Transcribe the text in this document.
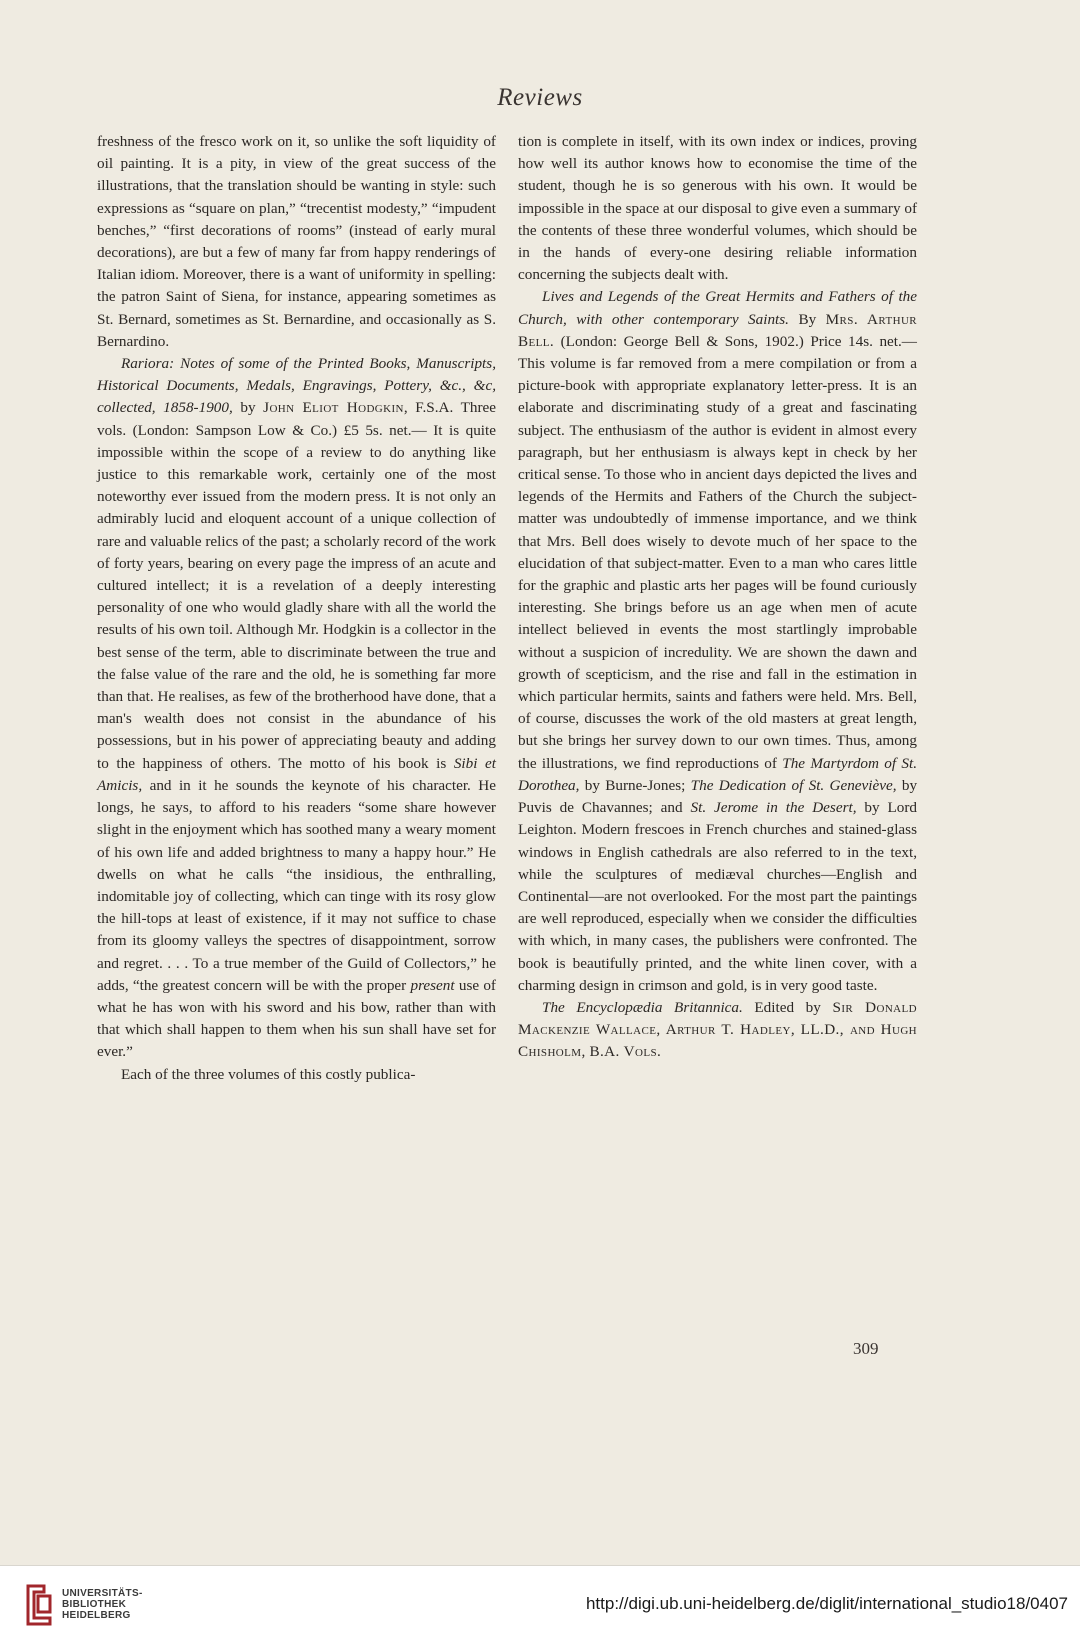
Reviews

freshness of the fresco work on it, so unlike the soft liquidity of oil painting. It is a pity, in view of the great success of the illustrations, that the translation should be wanting in style: such expressions as “square on plan,” “trecentist modesty,” “impudent benches,” “first decorations of rooms” (instead of early mural decorations), are but a few of many far from happy renderings of Italian idiom. Moreover, there is a want of uniformity in spelling: the patron Saint of Siena, for instance, appearing sometimes as St. Bernard, sometimes as St. Bernardine, and occasionally as S. Bernardino.

Rariora: Notes of some of the Printed Books, Manuscripts, Historical Documents, Medals, Engravings, Pottery, &c., &c, collected, 1858-1900, by John Eliot Hodgkin, F.S.A. Three vols. (London: Sampson Low & Co.) £5 5s. net.— It is quite impossible within the scope of a review to do anything like justice to this remarkable work, certainly one of the most noteworthy ever issued from the modern press. It is not only an admirably lucid and eloquent account of a unique collection of rare and valuable relics of the past; a scholarly record of the work of forty years, bearing on every page the impress of an acute and cultured intellect; it is a revelation of a deeply interesting personality of one who would gladly share with all the world the results of his own toil. Although Mr. Hodgkin is a collector in the best sense of the term, able to discriminate between the true and the false value of the rare and the old, he is something far more than that. He realises, as few of the brotherhood have done, that a man's wealth does not consist in the abundance of his possessions, but in his power of appreciating beauty and adding to the happiness of others. The motto of his book is Sibi et Amicis, and in it he sounds the keynote of his character. He longs, he says, to afford to his readers “some share however slight in the enjoyment which has soothed many a weary moment of his own life and added brightness to many a happy hour.” He dwells on what he calls “the insidious, the enthralling, indomitable joy of collecting, which can tinge with its rosy glow the hill-tops at least of existence, if it may not suffice to chase from its gloomy valleys the spectres of disappointment, sorrow and regret. . . . To a true member of the Guild of Collectors,” he adds, “the greatest concern will be with the proper present use of what he has won with his sword and his bow, rather than with that which shall happen to them when his sun shall have set for ever.”

Each of the three volumes of this costly publica-

tion is complete in itself, with its own index or indices, proving how well its author knows how to economise the time of the student, though he is so generous with his own. It would be impossible in the space at our disposal to give even a summary of the contents of these three wonderful volumes, which should be in the hands of every-one desiring reliable information concerning the subjects dealt with.

Lives and Legends of the Great Hermits and Fathers of the Church, with other contemporary Saints. By Mrs. Arthur Bell. (London: George Bell & Sons, 1902.) Price 14s. net.— This volume is far removed from a mere compilation or from a picture-book with appropriate explanatory letter-press. It is an elaborate and discriminating study of a great and fascinating subject. The enthusiasm of the author is evident in almost every paragraph, but her enthusiasm is always kept in check by her critical sense. To those who in ancient days depicted the lives and legends of the Hermits and Fathers of the Church the subject-matter was undoubtedly of immense importance, and we think that Mrs. Bell does wisely to devote much of her space to the elucidation of that subject-matter. Even to a man who cares little for the graphic and plastic arts her pages will be found curiously interesting. She brings before us an age when men of acute intellect believed in events the most startlingly improbable without a suspicion of incredulity. We are shown the dawn and growth of scepticism, and the rise and fall in the estimation in which particular hermits, saints and fathers were held. Mrs. Bell, of course, discusses the work of the old masters at great length, but she brings her survey down to our own times. Thus, among the illustrations, we find reproductions of The Martyrdom of St. Dorothea, by Burne-Jones; The Dedication of St. Geneviève, by Puvis de Chavannes; and St. Jerome in the Desert, by Lord Leighton. Modern frescoes in French churches and stained-glass windows in English cathedrals are also referred to in the text, while the sculptures of mediæval churches—English and Continental—are not overlooked. For the most part the paintings are well reproduced, especially when we consider the difficulties with which, in many cases, the publishers were confronted. The book is beautifully printed, and the white linen cover, with a charming design in crimson and gold, is in very good taste.

The Encyclopædia Britannica. Edited by Sir Donald Mackenzie Wallace, Arthur T. Hadley, LL.D., and Hugh Chisholm, B.A. Vols.

309
UNIVERSITÄTS-
BIBLIOTHEK
HEIDELBERG
http://digi.ub.uni-heidelberg.de/diglit/international_studio18/0407
